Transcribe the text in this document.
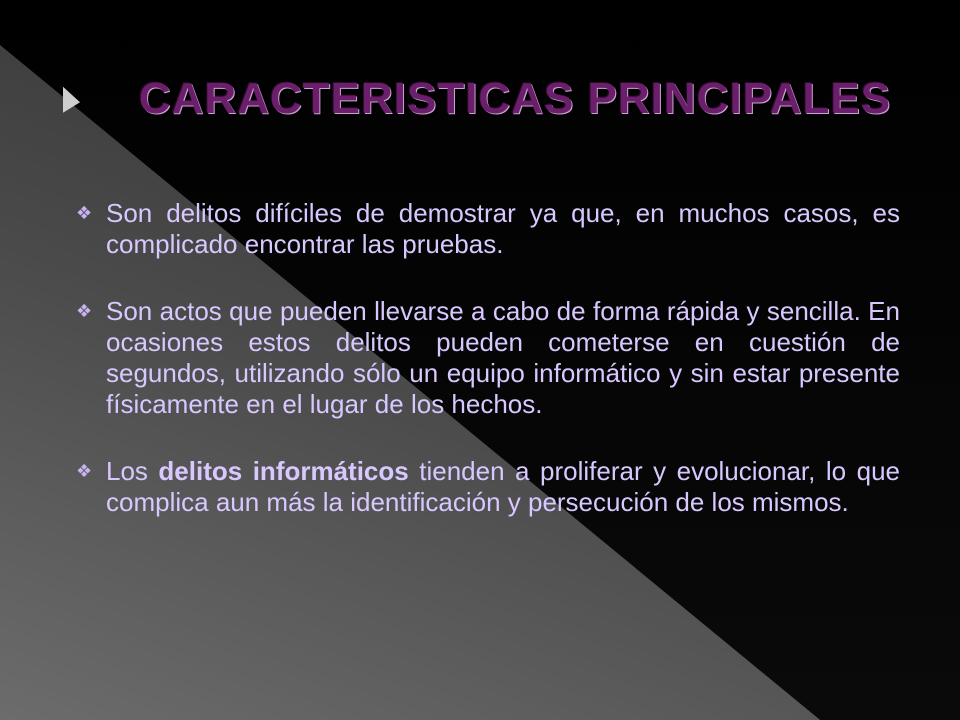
CARACTERISTICAS PRINCIPALES
❖ Son delitos difíciles de demostrar ya que, en muchos casos, es complicado encontrar las pruebas.
❖ Son actos que pueden llevarse a cabo de forma rápida y sencilla. En ocasiones estos delitos pueden cometerse en cuestión de segundos, utilizando sólo un equipo informático y sin estar presente físicamente en el lugar de los hechos.
❖ Los delitos informáticos tienden a proliferar y evolucionar, lo que complica aun más la identificación y persecución de los mismos.
